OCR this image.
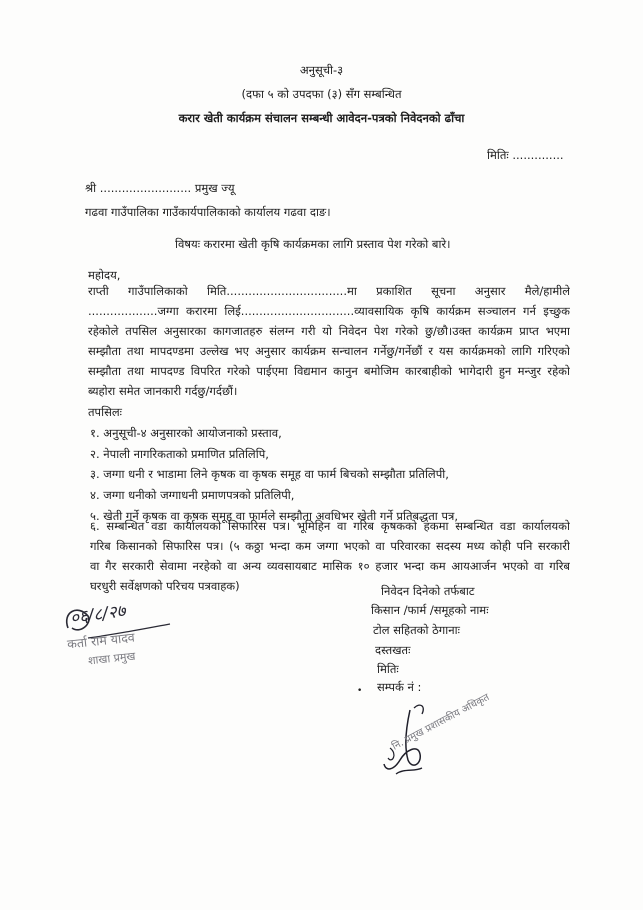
अनुसूची-३
(दफा ५ को उपदफा (३) सँग सम्बन्धित
करार खेती कार्यक्रम संचालन सम्बन्धी आवेदन-पत्रको निवेदनको ढाँचा
मितिः ..............
श्री ......................... प्रमुख ज्यू
गढवा गाउँपालिका गाउँकार्यपालिकाको कार्यालय गढवा दाङ।
विषयः करारमा खेती कृषि कार्यक्रमका लागि प्रस्ताव पेश गरेको बारे।
महोदय,
राप्ती गाउँपालिकाको मिति.................................मा प्रकाशित सूचना अनुसार मैले/हामीले
...................जग्गा करारमा लिई...............................व्यावसायिक कृषि कार्यक्रम सञ्चालन गर्न इच्छुक
रहेकोले तपसिल अनुसारका कागजातहरु संलग्न गरी यो निवेदन पेश गरेको छु/छौ।उक्त कार्यक्रम प्राप्त भएमा
सम्झौता तथा मापदण्डमा उल्लेख भए अनुसार कार्यक्रम सन्चालन गर्नेछु/गर्नेछौं र यस कार्यक्रमको लागि गरिएको
सम्झौता तथा मापदण्ड विपरित गरेको पाईएमा विद्यमान कानुन बमोजिम कारबाहीको भागेदारी हुन मन्जुर रहेको
ब्यहोरा समेत जानकारी गर्दछु/गर्दछौं।
तपसिलः
१. अनुसूची-४ अनुसारको आयोजनाको प्रस्ताव,
२. नेपाली नागरिकताको प्रमाणित प्रतिलिपि,
३. जग्गा धनी र भाडामा लिने कृषक वा कृषक समूह वा फार्म बिचको सम्झौता प्रतिलिपी,
४. जग्गा धनीको जग्गाधनी प्रमाणपत्रको प्रतिलिपी,
५. खेती गर्ने कृषक वा कृषक समूह वा फार्मले सम्झौता अवधिभर खेती गर्ने प्रतिबद्धता पत्र,
६. सम्बन्धित वडा कार्यालयको सिफारिस पत्र। भूमिहिन वा गरिब कृषकको हकमा सम्बन्धित वडा कार्यालयको
गरिब किसानको सिफारिस पत्र। (५ कठ्ठा भन्दा कम जग्गा भएको वा परिवारका सदस्य मध्य कोही पनि सरकारी
वा गैर सरकारी सेवामा नरहेको वा अन्य व्यवसायबाट मासिक १० हजार भन्दा कम आयआर्जन भएको वा गरिब
घरधुरी सर्वेक्षणको परिचय पत्रवाहक)	निवेदन दिनेको तर्फबाट
किसान /फार्म /समूहको नामः
टोल सहितको ठेगानाः
दस्तखतः
मितिः
सम्पर्क नं :
•
०६/८/२७
कर्ता राम यादव
शाखा प्रमुख
नि. प्रमुख प्रशासकीय अधिकृत
